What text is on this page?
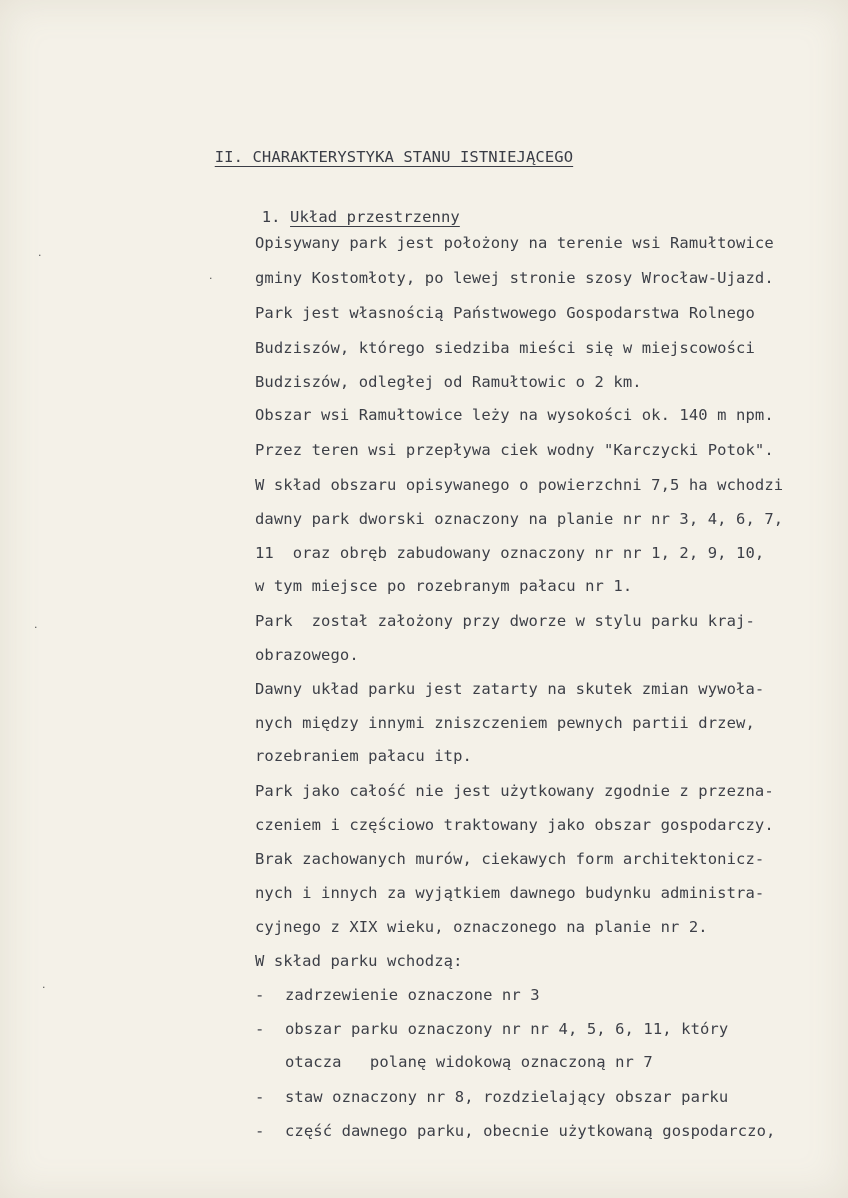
II. CHARAKTERYSTYKA STANU ISTNIEJĄCEGO

1. Układ przestrzenny

Opisywany park jest położony na terenie wsi Ramułtowice
gminy Kostomłoty, po lewej stronie szosy Wrocław-Ujazd.
Park jest własnością Państwowego Gospodarstwa Rolnego
Budziszów, którego siedziba mieści się w miejscowości
Budziszów, odległej od Ramułtowic o 2 km.
Obszar wsi Ramułtowice leży na wysokości ok. 140 m npm.
Przez teren wsi przepływa ciek wodny "Karczycki Potok".
W skład obszaru opisywanego o powierzchni 7,5 ha wchodzi
dawny park dworski oznaczony na planie nr nr 3, 4, 6, 7,
11  oraz obręb zabudowany oznaczony nr nr 1, 2, 9, 10,
w tym miejsce po rozebranym pałacu nr 1.
Park  został założony przy dworze w stylu parku kraj-
obrazowego.
Dawny układ parku jest zatarty na skutek zmian wywoła-
nych między innymi zniszczeniem pewnych partii drzew,
rozebraniem pałacu itp.
Park jako całość nie jest użytkowany zgodnie z przezna-
czeniem i częściowo traktowany jako obszar gospodarczy.
Brak zachowanych murów, ciekawych form architektonicz-
nych i innych za wyjątkiem dawnego budynku administra-
cyjnego z XIX wieku, oznaczonego na planie nr 2.
W skład parku wchodzą:
- zadrzewienie oznaczone nr 3
- obszar parku oznaczony nr nr 4, 5, 6, 11, który
otacza   polanę widokową oznaczoną nr 7
- staw oznaczony nr 8, rozdzielający obszar parku
- część dawnego parku, obecnie użytkowaną gospodarczo,
·
·
·
·
